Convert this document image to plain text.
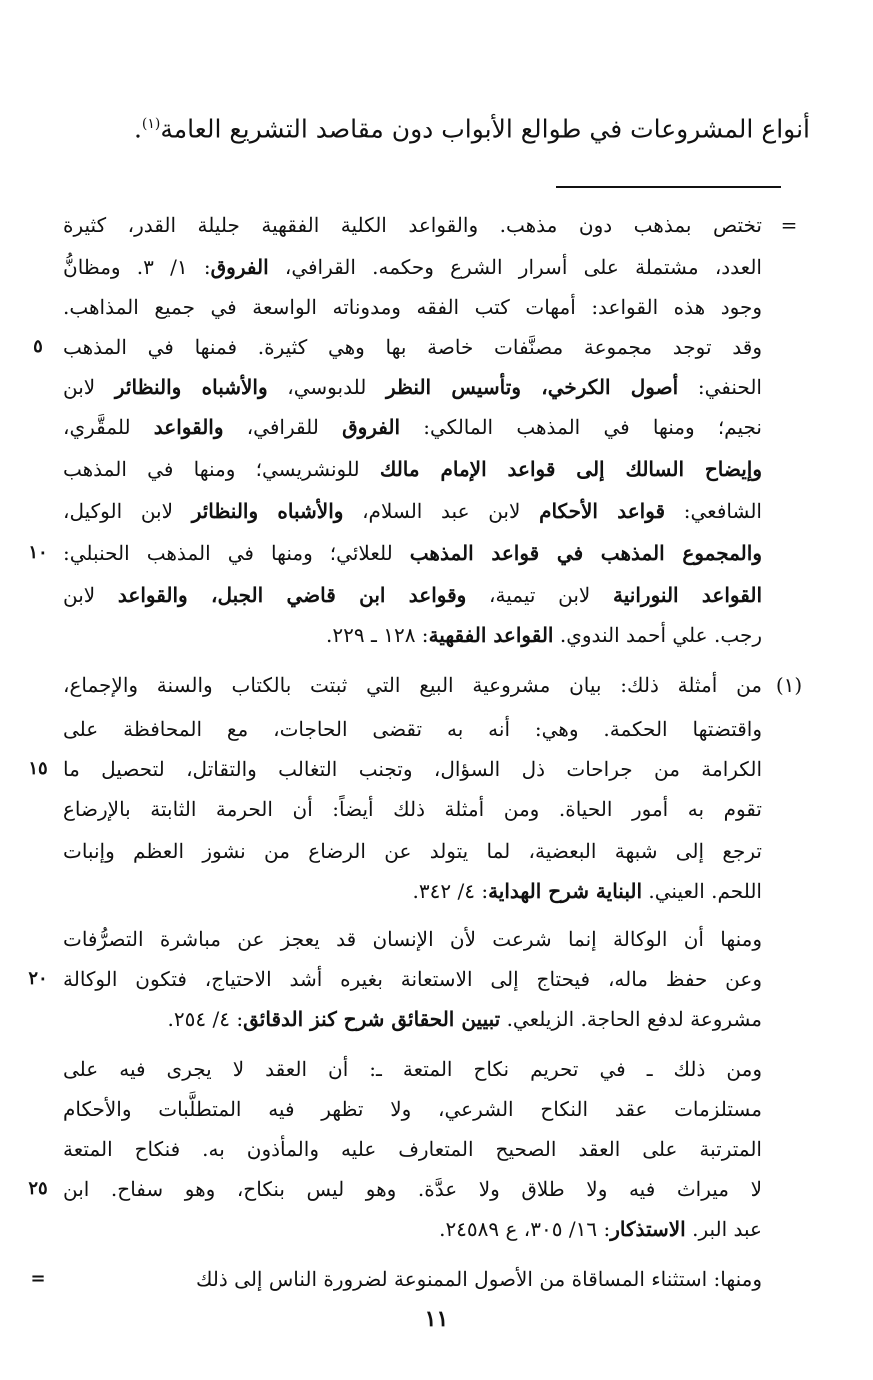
أنواع المشروعات في طوالع الأبواب دون مقاصد التشريع العامة$^{(١)}$.

=
(١)
=

تختص بمذهب دون مذهب. والقواعد الكلية الفقهية جليلة القدر، كثيرة

العدد، مشتملة على أسرار الشرع وحكمه. القرافي، الفروق: ١/ ٣. ومظانُّ

وجود هذه القواعد: أمهات كتب الفقه ومدوناته الواسعة في جميع المذاهب.

وقد توجد مجموعة مصنَّفات خاصة بها وهي كثيرة. فمنها في المذهب

الحنفي: أصول الكرخي، وتأسيس النظر للدبوسي، والأشباه والنظائر لابن

نجيم؛ ومنها في المذهب المالكي: الفروق للقرافي، والقواعد للمقَّري،

وإيضاح السالك إلى قواعد الإمام مالك للونشريسي؛ ومنها في المذهب

الشافعي: قواعد الأحكام لابن عبد السلام، والأشباه والنظائر لابن الوكيل،

والمجموع المذهب في قواعد المذهب للعلائي؛ ومنها في المذهب الحنبلي:

القواعد النورانية لابن تيمية، وقواعد ابن قاضي الجبل، والقواعد لابن

رجب. علي أحمد الندوي. القواعد الفقهية: ١٢٨ ـ ٢٢٩.

من أمثلة ذلك: بيان مشروعية البيع التي ثبتت بالكتاب والسنة والإجماع،

واقتضتها الحكمة. وهي: أنه به تقضى الحاجات، مع المحافظة على

الكرامة من جراحات ذل السؤال، وتجنب التغالب والتقاتل، لتحصيل ما

تقوم به أمور الحياة. ومن أمثلة ذلك أيضاً: أن الحرمة الثابتة بالإرضاع

ترجع إلى شبهة البعضية، لما يتولد عن الرضاع من نشوز العظم وإنبات

اللحم. العيني. البناية شرح الهداية: ٤/ ٣٤٢.

ومنها أن الوكالة إنما شرعت لأن الإنسان قد يعجز عن مباشرة التصرُّفات

وعن حفظ ماله، فيحتاج إلى الاستعانة بغيره أشد الاحتياج، فتكون الوكالة

مشروعة لدفع الحاجة. الزيلعي. تبيين الحقائق شرح كنز الدقائق: ٤/ ٢٥٤.

ومن ذلك ـ في تحريم نكاح المتعة ـ: أن العقد لا يجرى فيه على

مستلزمات عقد النكاح الشرعي، ولا تظهر فيه المتطلَّبات والأحكام

المترتبة على العقد الصحيح المتعارف عليه والمأذون به. فنكاح المتعة

لا ميراث فيه ولا طلاق ولا عدَّة. وهو ليس بنكاح، وهو سفاح. ابن

عبد البر. الاستذكار: ١٦/ ٣٠٥، ع ٢٤٥٨٩.

ومنها: استثناء المساقاة من الأصول الممنوعة لضرورة الناس إلى ذلك

٥
١٠
١٥
٢٠
٢٥
١١
